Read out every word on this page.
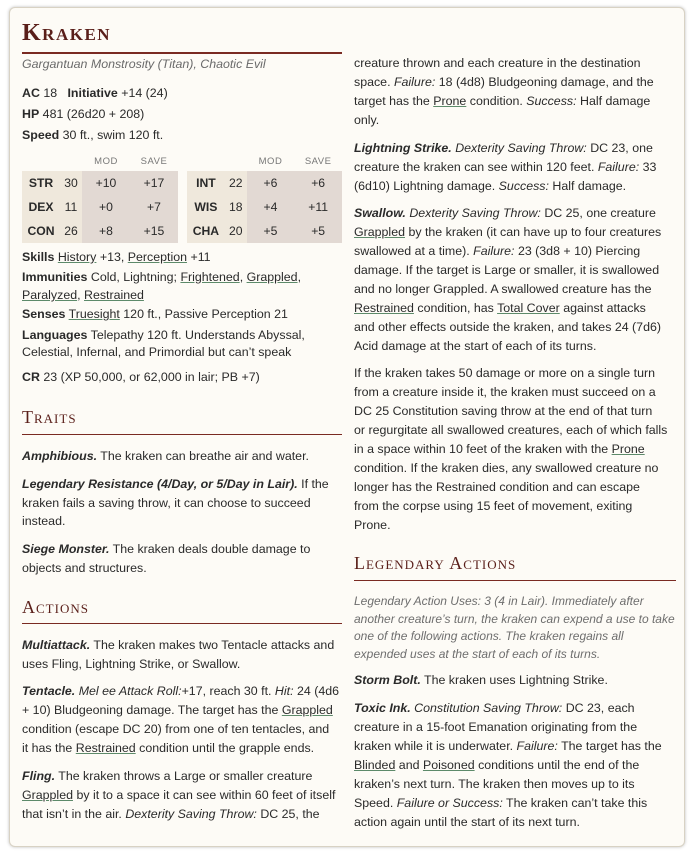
Kraken
Gargantuan Monstrosity (Titan), Chaotic Evil
AC 18 Initiative +14 (24)
HP 481 (26d20 + 208)
Speed 30 ft., swim 120 ft.
		MOD	SAVE
STR	30	+10	+17
DEX	11	+0	+7
CON	26	+8	+15
		MOD	SAVE
INT	22	+6	+6
WIS	18	+4	+11
CHA	20	+5	+5
Skills History +13, Perception +11
Immunities Cold, Lightning; Frightened, Grappled,
Paralyzed, Restrained
Senses Truesight 120 ft., Passive Perception 21
Languages Telepathy 120 ft. Understands Abyssal,
Celestial, Infernal, and Primordial but can’t speak
CR 23 (XP 50,000, or 62,000 in lair; PB +7)
Traits
Amphibious. The kraken can breathe air and water.
Legendary Resistance (4/Day, or 5/Day in Lair). If the
kraken fails a saving throw, it can choose to succeed
instead.
Siege Monster. The kraken deals double damage to
objects and structures.
Actions
Multiattack. The kraken makes two Tentacle attacks and
uses Fling, Lightning Strike, or Swallow.
Tentacle. Mel ee Attack Roll:+17, reach 30 ft. Hit: 24 (4d6
+ 10) Bludgeoning damage. The target has the Grappled
condition (escape DC 20) from one of ten tentacles, and
it has the Restrained condition until the grapple ends.
Fling. The kraken throws a Large or smaller creature
Grappled by it to a space it can see within 60 feet of itself
that isn’t in the air. Dexterity Saving Throw: DC 25, the
creature thrown and each creature in the destination
space. Failure: 18 (4d8) Bludgeoning damage, and the
target has the Prone condition. Success: Half damage
only.
Lightning Strike. Dexterity Saving Throw: DC 23, one
creature the kraken can see within 120 feet. Failure: 33
(6d10) Lightning damage. Success: Half damage.
Swallow. Dexterity Saving Throw: DC 25, one creature
Grappled by the kraken (it can have up to four creatures
swallowed at a time). Failure: 23 (3d8 + 10) Piercing
damage. If the target is Large or smaller, it is swallowed
and no longer Grappled. A swallowed creature has the
Restrained condition, has Total Cover against attacks
and other effects outside the kraken, and takes 24 (7d6)
Acid damage at the start of each of its turns.
If the kraken takes 50 damage or more on a single turn
from a creature inside it, the kraken must succeed on a
DC 25 Constitution saving throw at the end of that turn
or regurgitate all swallowed creatures, each of which falls
in a space within 10 feet of the kraken with the Prone
condition. If the kraken dies, any swallowed creature no
longer has the Restrained condition and can escape
from the corpse using 15 feet of movement, exiting
Prone.
Legendary Actions
Legendary Action Uses: 3 (4 in Lair). Immediately after
another creature’s turn, the kraken can expend a use to take
one of the following actions. The kraken regains all
expended uses at the start of each of its turns.
Storm Bolt. The kraken uses Lightning Strike.
Toxic Ink. Constitution Saving Throw: DC 23, each
creature in a 15-foot Emanation originating from the
kraken while it is underwater. Failure: The target has the
Blinded and Poisoned conditions until the end of the
kraken’s next turn. The kraken then moves up to its
Speed. Failure or Success: The kraken can’t take this
action again until the start of its next turn.
